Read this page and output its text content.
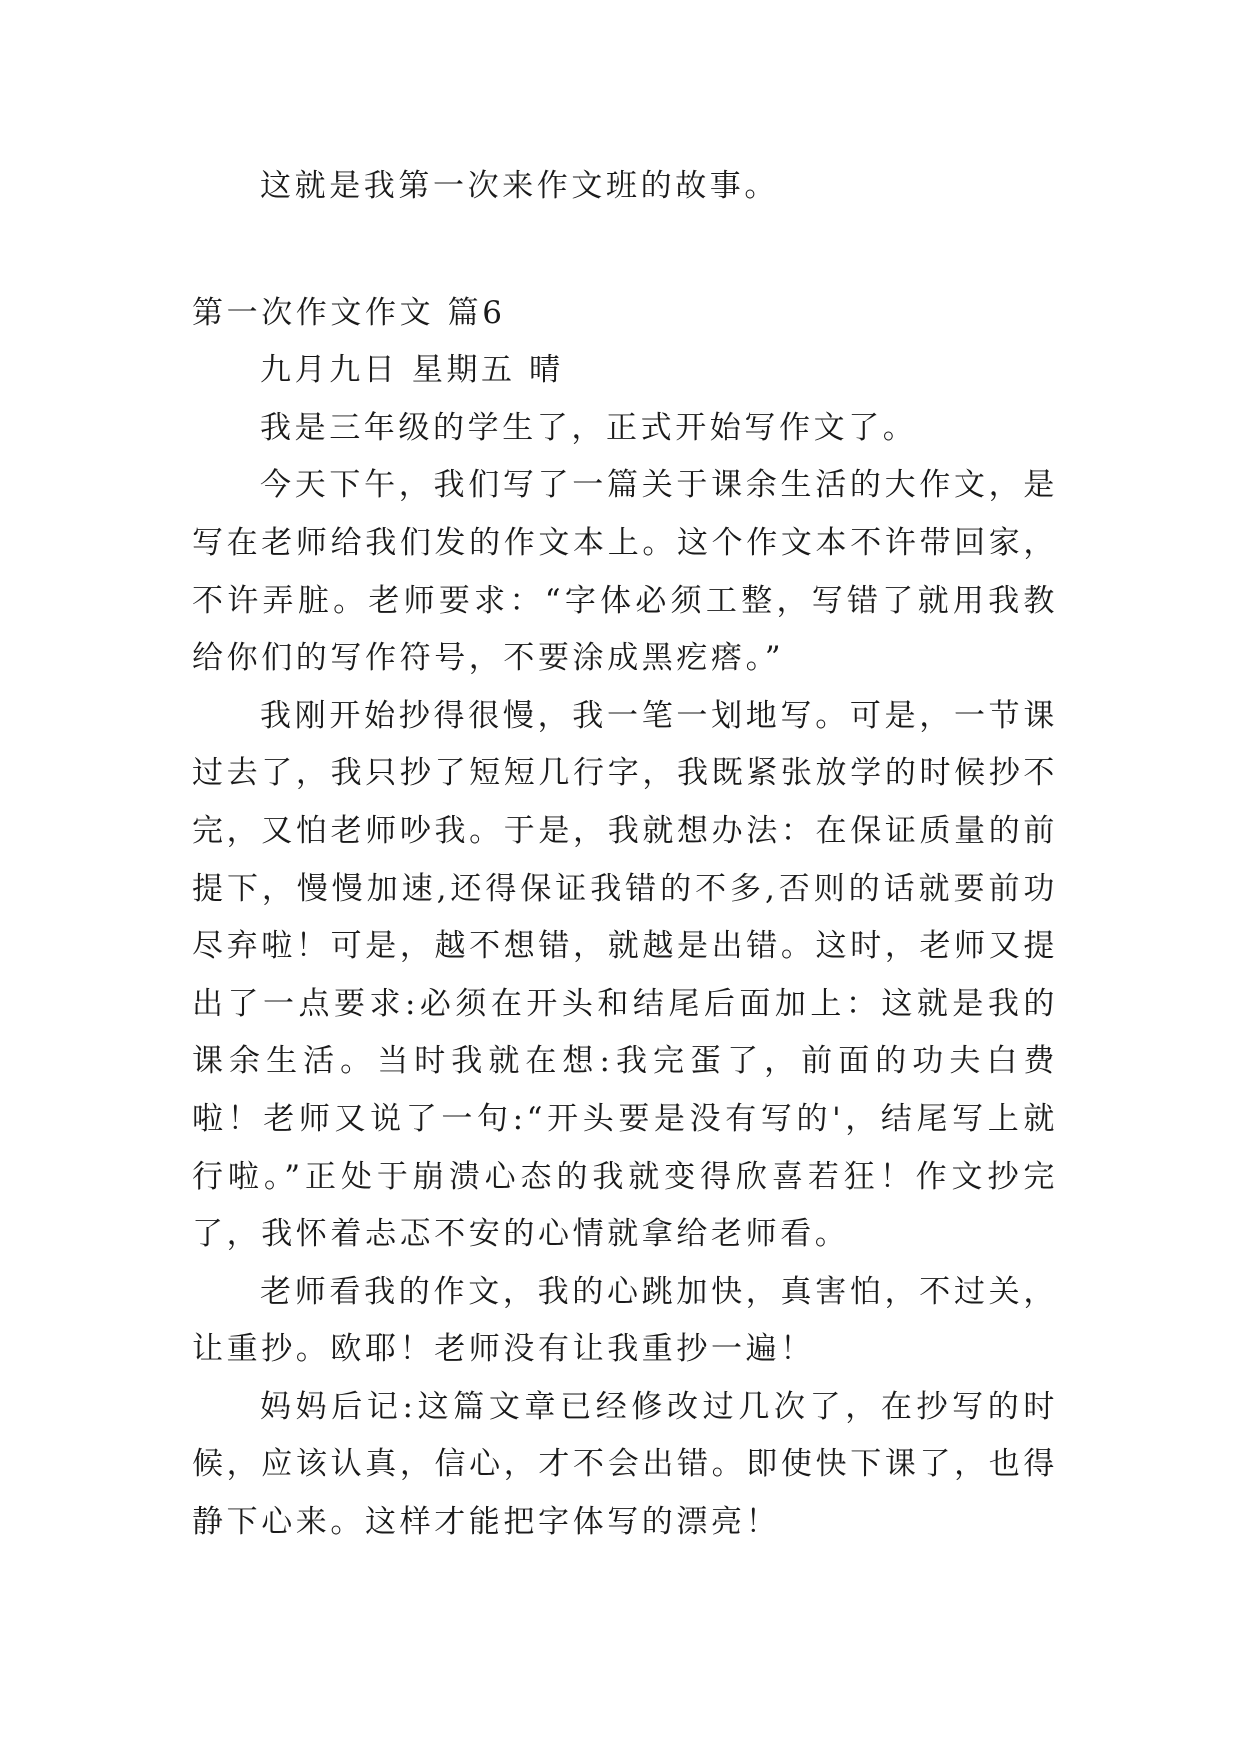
这就是我第一次来作文班的故事。

第一次作文作文 篇6

九月九日 星期五 晴

我是三年级的学生了，正式开始写作文了。

今天下午，我们写了一篇关于课余生活的大作文，是写在老师给我们发的作文本上。这个作文本不许带回家，不许弄脏。老师要求：“字体必须工整，写错了就用我教给你们的写作符号，不要涂成黑疙瘩。”

我刚开始抄得很慢，我一笔一划地写。可是，一节课过去了，我只抄了短短几行字，我既紧张放学的时候抄不完，又怕老师吵我。于是，我就想办法：在保证质量的前提下，慢慢加速,还得保证我错的不多,否则的话就要前功尽弃啦！可是，越不想错，就越是出错。这时，老师又提出了一点要求:必须在开头和结尾后面加上：这就是我的课余生活。当时我就在想:我完蛋了，前面的功夫白费啦！老师又说了一句:“开头要是没有写的'，结尾写上就行啦。”正处于崩溃心态的我就变得欣喜若狂！作文抄完了，我怀着忐忑不安的心情就拿给老师看。

老师看我的作文，我的心跳加快，真害怕，不过关，让重抄。欧耶！老师没有让我重抄一遍！

妈妈后记:这篇文章已经修改过几次了，在抄写的时候，应该认真，信心，才不会出错。即使快下课了，也得静下心来。这样才能把字体写的漂亮！
